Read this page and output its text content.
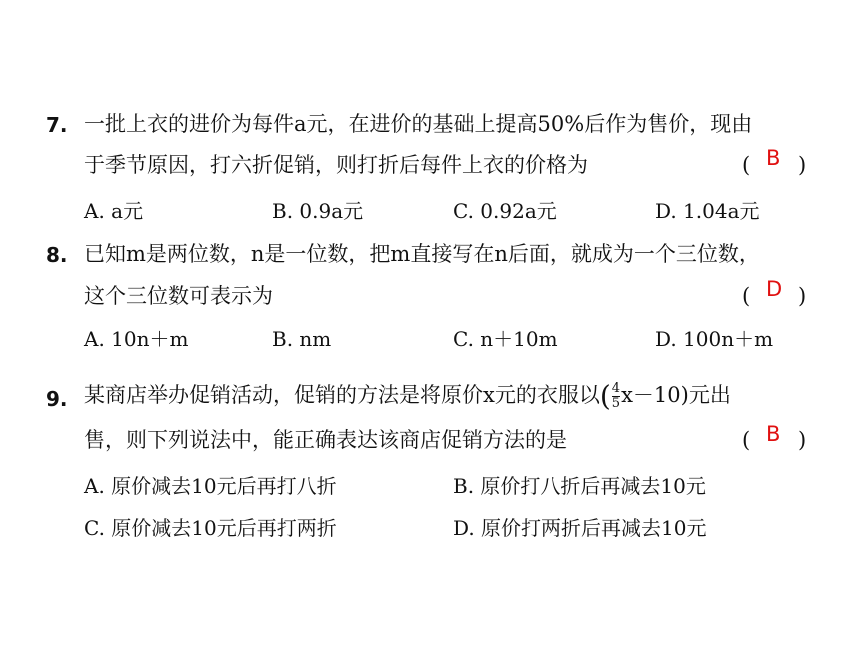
7. 一批上衣的进价为每件a元，在进价的基础上提高50%后作为售价，现由
于季节原因，打六折促销，则打折后每件上衣的价格为	( B )
A. a元	B. 0.9a元	C. 0.92a元	D. 1.04a元
8. 已知m是两位数，n是一位数，把m直接写在n后面，就成为一个三位数，
这个三位数可表示为	( D )
A. 10n＋m	B. nm	C. n＋10m	D. 100n＋m
9. 某商店举办促销活动，促销的方法是将原价x元的衣服以( $\frac{4}{5} x-10$)元出
售，则下列说法中，能正确表达该商店促销方法的是	( B )
A. 原价减去10元后再打八折	B. 原价打八折后再减去10元
C. 原价减去10元后再打两折	D. 原价打两折后再减去10元
